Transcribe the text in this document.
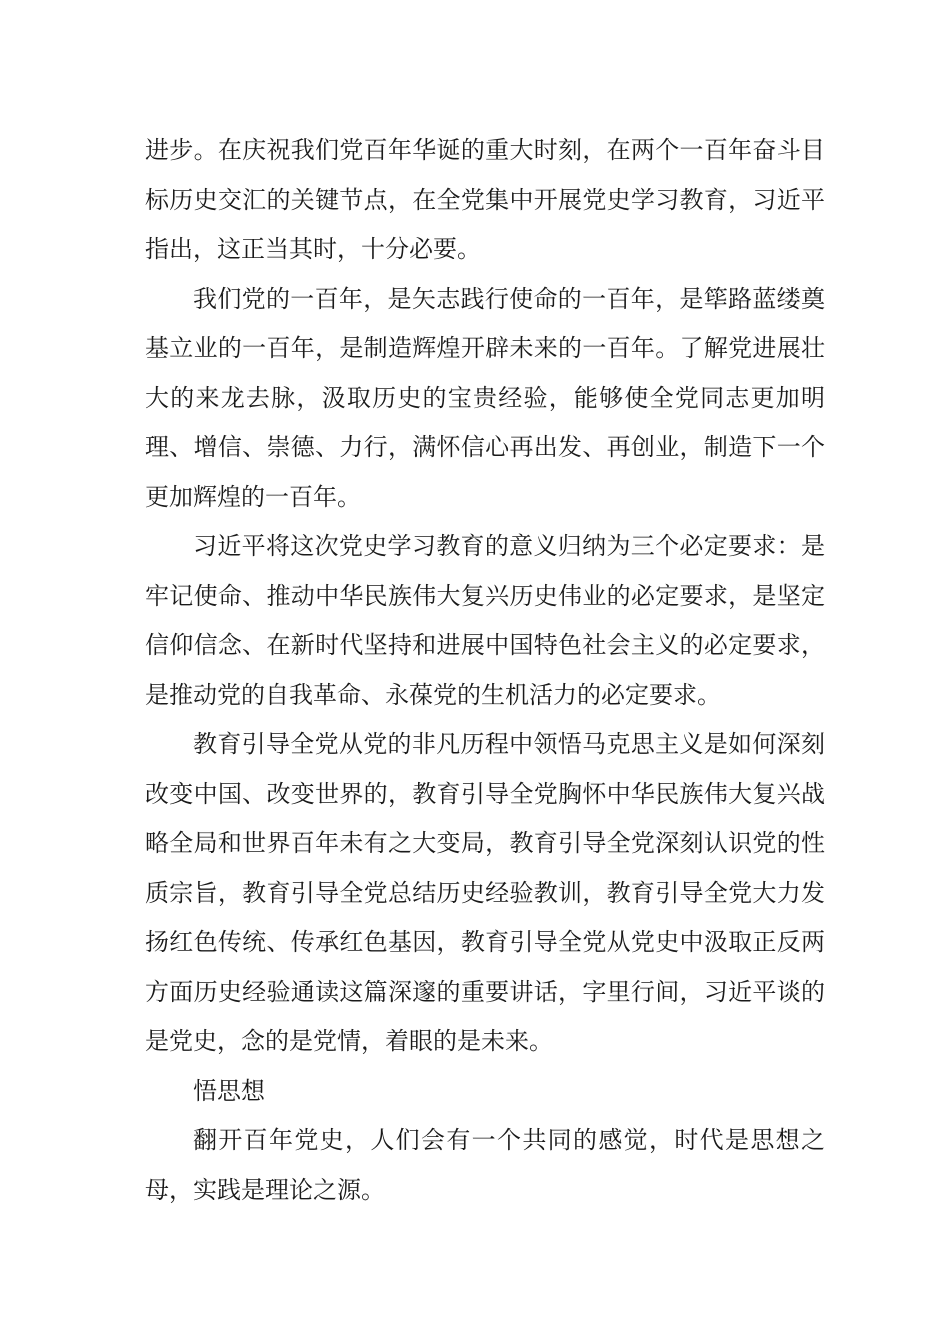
进步。在庆祝我们党百年华诞的重大时刻，在两个一百年奋斗目标历史交汇的关键节点，在全党集中开展党史学习教育，习近平指出，这正当其时，十分必要。

我们党的一百年，是矢志践行使命的一百年，是筚路蓝缕奠基立业的一百年，是制造辉煌开辟未来的一百年。了解党进展壮大的来龙去脉，汲取历史的宝贵经验，能够使全党同志更加明理、增信、崇德、力行，满怀信心再出发、再创业，制造下一个更加辉煌的一百年。

习近平将这次党史学习教育的意义归纳为三个必定要求：是牢记使命、推动中华民族伟大复兴历史伟业的必定要求，是坚定信仰信念、在新时代坚持和进展中国特色社会主义的必定要求，是推动党的自我革命、永葆党的生机活力的必定要求。

教育引导全党从党的非凡历程中领悟马克思主义是如何深刻改变中国、改变世界的，教育引导全党胸怀中华民族伟大复兴战略全局和世界百年未有之大变局，教育引导全党深刻认识党的性质宗旨，教育引导全党总结历史经验教训，教育引导全党大力发扬红色传统、传承红色基因，教育引导全党从党史中汲取正反两方面历史经验通读这篇深邃的重要讲话，字里行间，习近平谈的是党史，念的是党情，着眼的是未来。

悟思想

翻开百年党史，人们会有一个共同的感觉，时代是思想之母，实践是理论之源。
